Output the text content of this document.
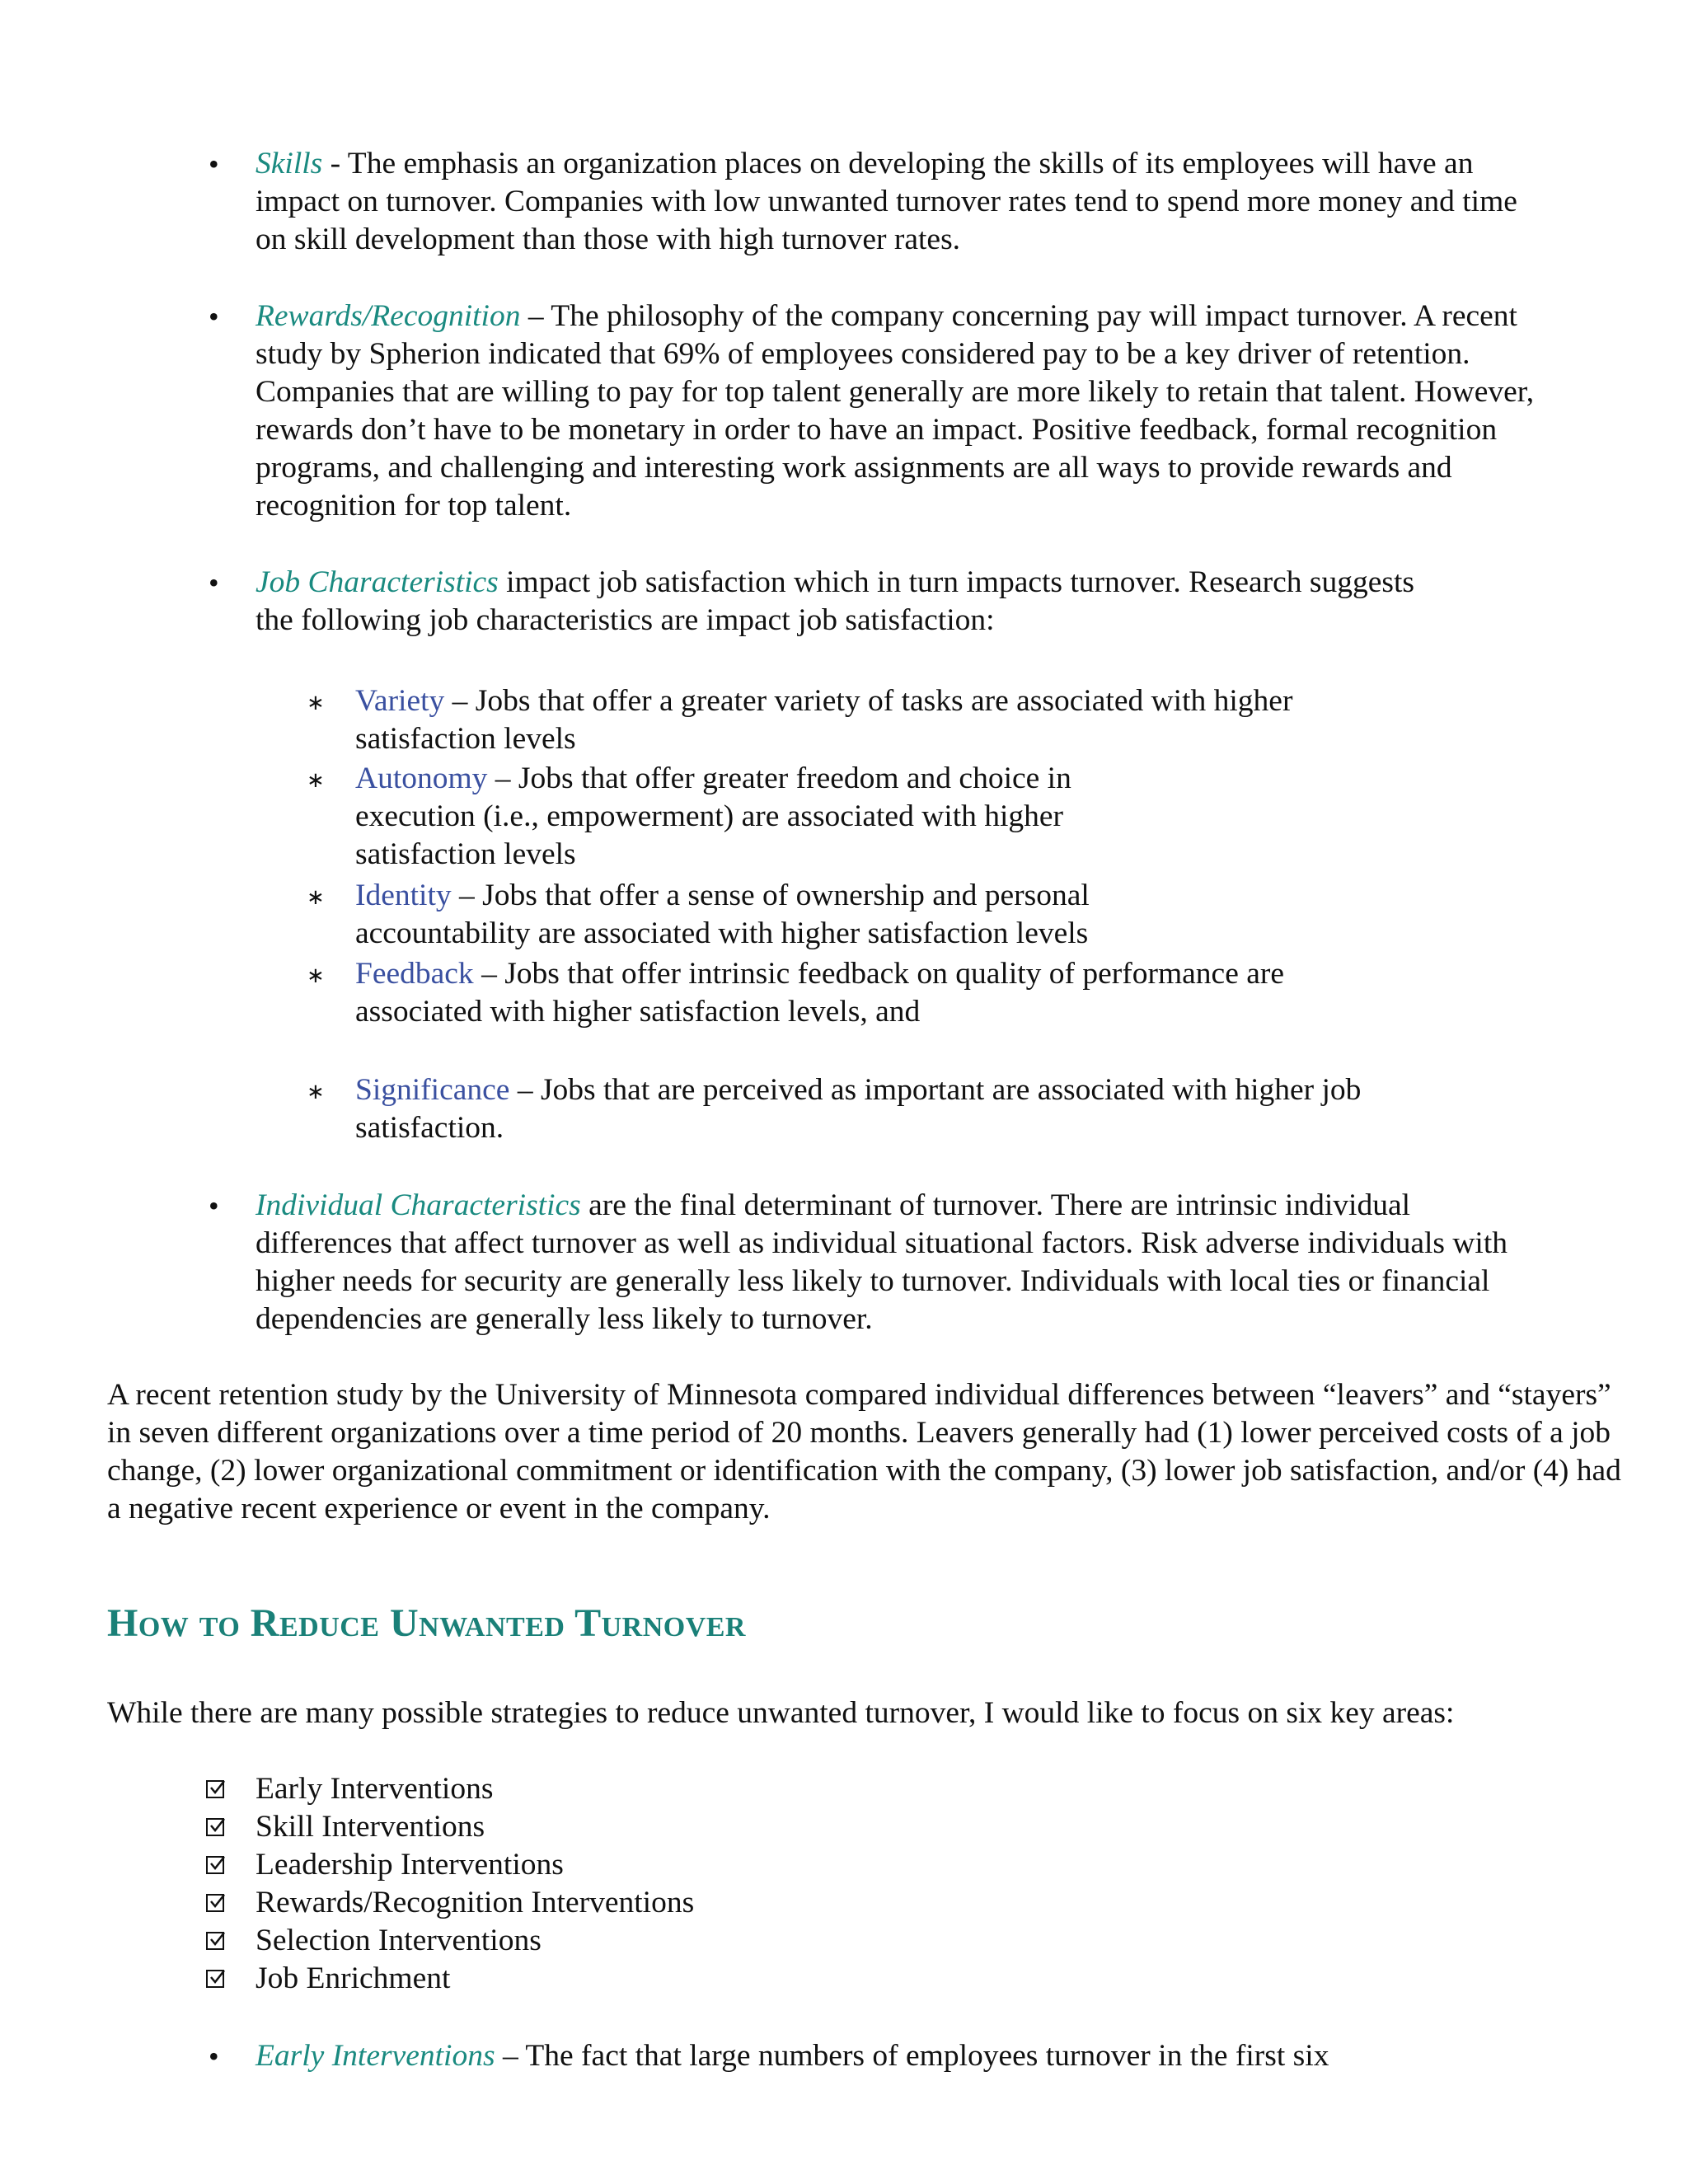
• Skills - The emphasis an organization places on developing the skills of its employees will have an impact on turnover. Companies with low unwanted turnover rates tend to spend more money and time on skill development than those with high turnover rates.
• Rewards/Recognition – The philosophy of the company concerning pay will impact turnover. A recent study by Spherion indicated that 69% of employees considered pay to be a key driver of retention. Companies that are willing to pay for top talent generally are more likely to retain that talent. However, rewards don’t have to be monetary in order to have an impact. Positive feedback, formal recognition programs, and challenging and interesting work assignments are all ways to provide rewards and recognition for top talent.
• Job Characteristics impact job satisfaction which in turn impacts turnover. Research suggests the following job characteristics are impact job satisfaction:
∗ Variety – Jobs that offer a greater variety of tasks are associated with higher satisfaction levels
∗ Autonomy – Jobs that offer greater freedom and choice in execution (i.e., empowerment) are associated with higher satisfaction levels
∗ Identity – Jobs that offer a sense of ownership and personal accountability are associated with higher satisfaction levels
∗ Feedback – Jobs that offer intrinsic feedback on quality of performance are associated with higher satisfaction levels, and
∗ Significance – Jobs that are perceived as important are associated with higher job satisfaction.
• Individual Characteristics are the final determinant of turnover. There are intrinsic individual differences that affect turnover as well as individual situational factors. Risk adverse individuals with higher needs for security are generally less likely to turnover. Individuals with local ties or financial dependencies are generally less likely to turnover.

A recent retention study by the University of Minnesota compared individual differences between “leavers” and “stayers” in seven different organizations over a time period of 20 months. Leavers generally had (1) lower perceived costs of a job change, (2) lower organizational commitment or identification with the company, (3) lower job satisfaction, and/or (4) had a negative recent experience or event in the company.

How to Reduce Unwanted Turnover

While there are many possible strategies to reduce unwanted turnover, I would like to focus on six key areas:

Early Interventions
Skill Interventions
Leadership Interventions
Rewards/Recognition Interventions
Selection Interventions
Job Enrichment
• Early Interventions – The fact that large numbers of employees turnover in the first six
